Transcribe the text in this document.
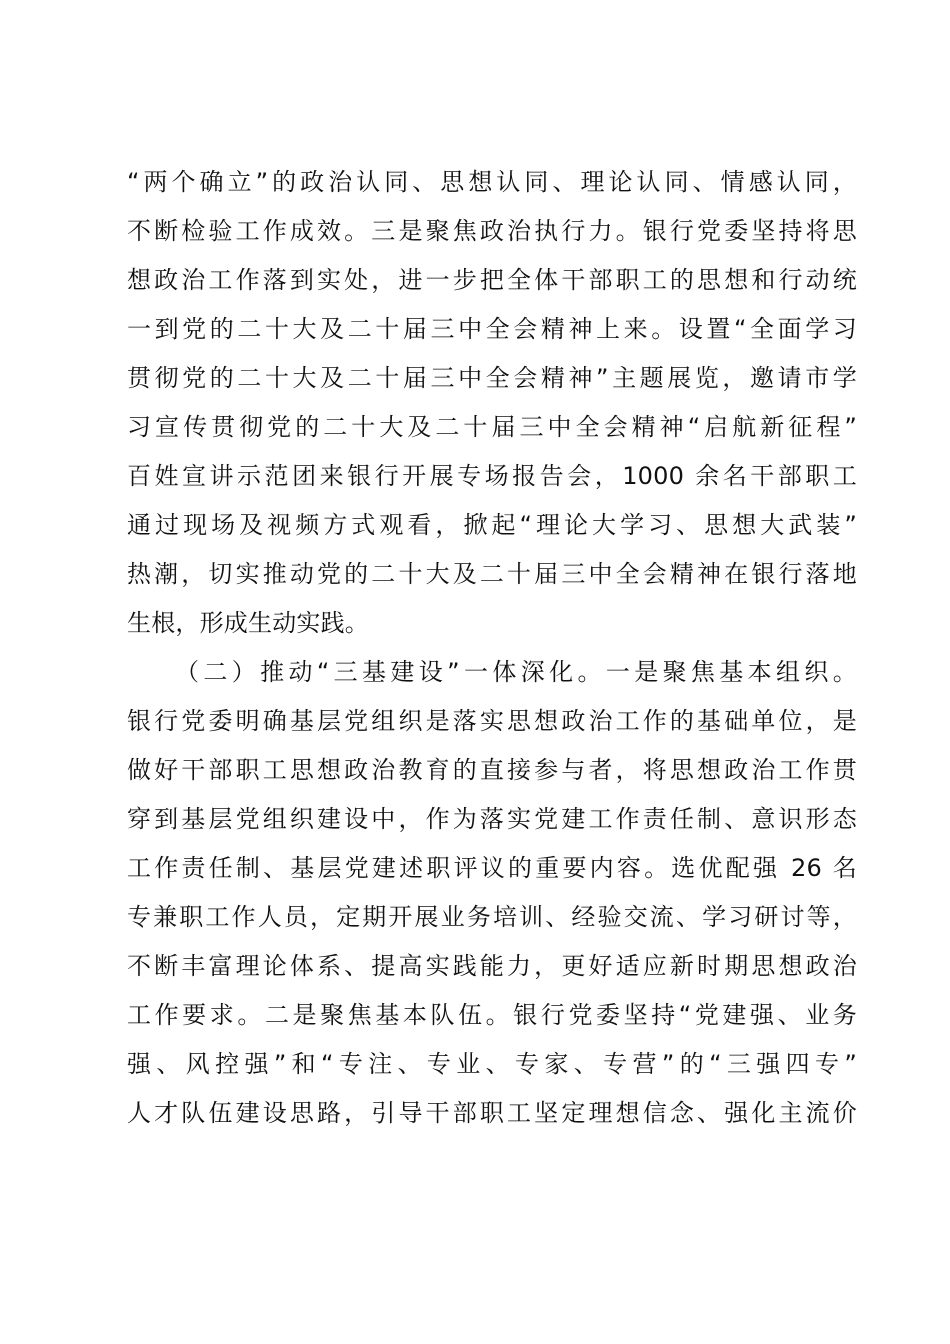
“两个确立”的政治认同、思想认同、理论认同、情感认同，
不断检验工作成效。三是聚焦政治执行力。银行党委坚持将思
想政治工作落到实处，进一步把全体干部职工的思想和行动统
一到党的二十大及二十届三中全会精神上来。设置“全面学习
贯彻党的二十大及二十届三中全会精神”主题展览，邀请市学
习宣传贯彻党的二十大及二十届三中全会精神“启航新征程”
百姓宣讲示范团来银行开展专场报告会，1000 余名干部职工
通过现场及视频方式观看，掀起“理论大学习、思想大武装”
热潮，切实推动党的二十大及二十届三中全会精神在银行落地
生根，形成生动实践。
（二）推动“三基建设”一体深化。一是聚焦基本组织。
银行党委明确基层党组织是落实思想政治工作的基础单位，是
做好干部职工思想政治教育的直接参与者，将思想政治工作贯
穿到基层党组织建设中，作为落实党建工作责任制、意识形态
工作责任制、基层党建述职评议的重要内容。选优配强 26 名
专兼职工作人员，定期开展业务培训、经验交流、学习研讨等，
不断丰富理论体系、提高实践能力，更好适应新时期思想政治
工作要求。二是聚焦基本队伍。银行党委坚持“党建强、业务
强、风控强”和“专注、专业、专家、专营”的“三强四专”
人才队伍建设思路，引导干部职工坚定理想信念、强化主流价
